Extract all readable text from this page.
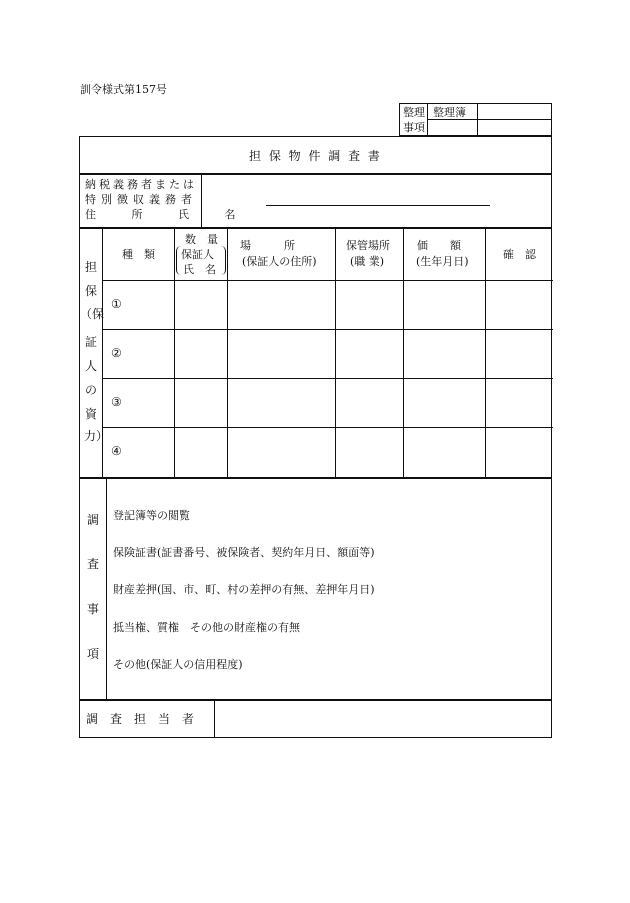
訓令様式第157号
整理
事項
整理簿
担 保 物 件 調 査 書
納税義務者または
特別徴収義務者
住 所 氏 名
担
保
（保
証
人
の
資
力）
種　類
数　量
保証人
氏　名
場　　　所
(保証人の住所)
保管場所
(職 業)
価　　額
(生年月日)
確　認
①
②
③
④
調
査
事
項
登記簿等の閲覧
保険証書(証書番号、被保険者、契約年月日、額面等)
財産差押(国、市、町、村の差押の有無、差押年月日)
抵当権、質権　その他の財産権の有無
その他(保証人の信用程度)
調　査　担　当　者
